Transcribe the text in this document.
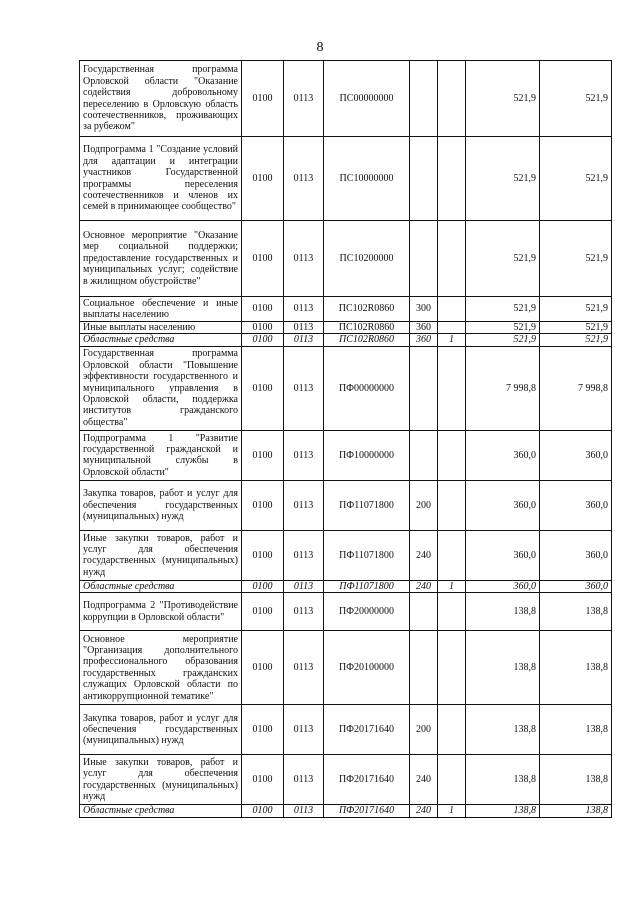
8
Государственная программа Орловской области "Оказание содействия добровольному переселению в Орловскую область соотечественников, проживающих за рубежом"	0100	0113	ПС00000000			521,9	521,9
Подпрограмма 1 "Создание условий для адаптации и интеграции участников Государственной программы переселения соотечественников и членов их семей в принимающее сообщество"	0100	0113	ПС10000000			521,9	521,9
Основное мероприятие "Оказание мер социальной поддержки; предоставление государственных и муниципальных услуг; содействие в жилищном обустройстве"	0100	0113	ПС10200000			521,9	521,9
Социальное обеспечение и иные выплаты населению	0100	0113	ПС102R0860	300		521,9	521,9
Иные выплаты населению	0100	0113	ПС102R0860	360		521,9	521,9
Областные средства	0100	0113	ПС102R0860	360	1	521,9	521,9
Государственная программа Орловской области "Повышение эффективности государственного и муниципального управления в Орловской области, поддержка институтов гражданского общества"	0100	0113	ПФ00000000			7 998,8	7 998,8
Подпрограмма 1 "Развитие государственной гражданской и муниципальной службы в Орловской области"	0100	0113	ПФ10000000			360,0	360,0
Закупка товаров, работ и услуг для обеспечения государственных (муниципальных) нужд	0100	0113	ПФ11071800	200		360,0	360,0
Иные закупки товаров, работ и услуг для обеспечения государственных (муниципальных) нужд	0100	0113	ПФ11071800	240		360,0	360,0
Областные средства	0100	0113	ПФ11071800	240	1	360,0	360,0
Подпрограмма 2 "Противодействие коррупции в Орловской области"	0100	0113	ПФ20000000			138,8	138,8
Основное мероприятие "Организация дополнительного профессионального образования государственных гражданских служащих Орловской области по антикоррупционной тематике"	0100	0113	ПФ20100000			138,8	138,8
Закупка товаров, работ и услуг для обеспечения государственных (муниципальных) нужд	0100	0113	ПФ20171640	200		138,8	138,8
Иные закупки товаров, работ и услуг для обеспечения государственных (муниципальных) нужд	0100	0113	ПФ20171640	240		138,8	138,8
Областные средства	0100	0113	ПФ20171640	240	1	138,8	138,8
